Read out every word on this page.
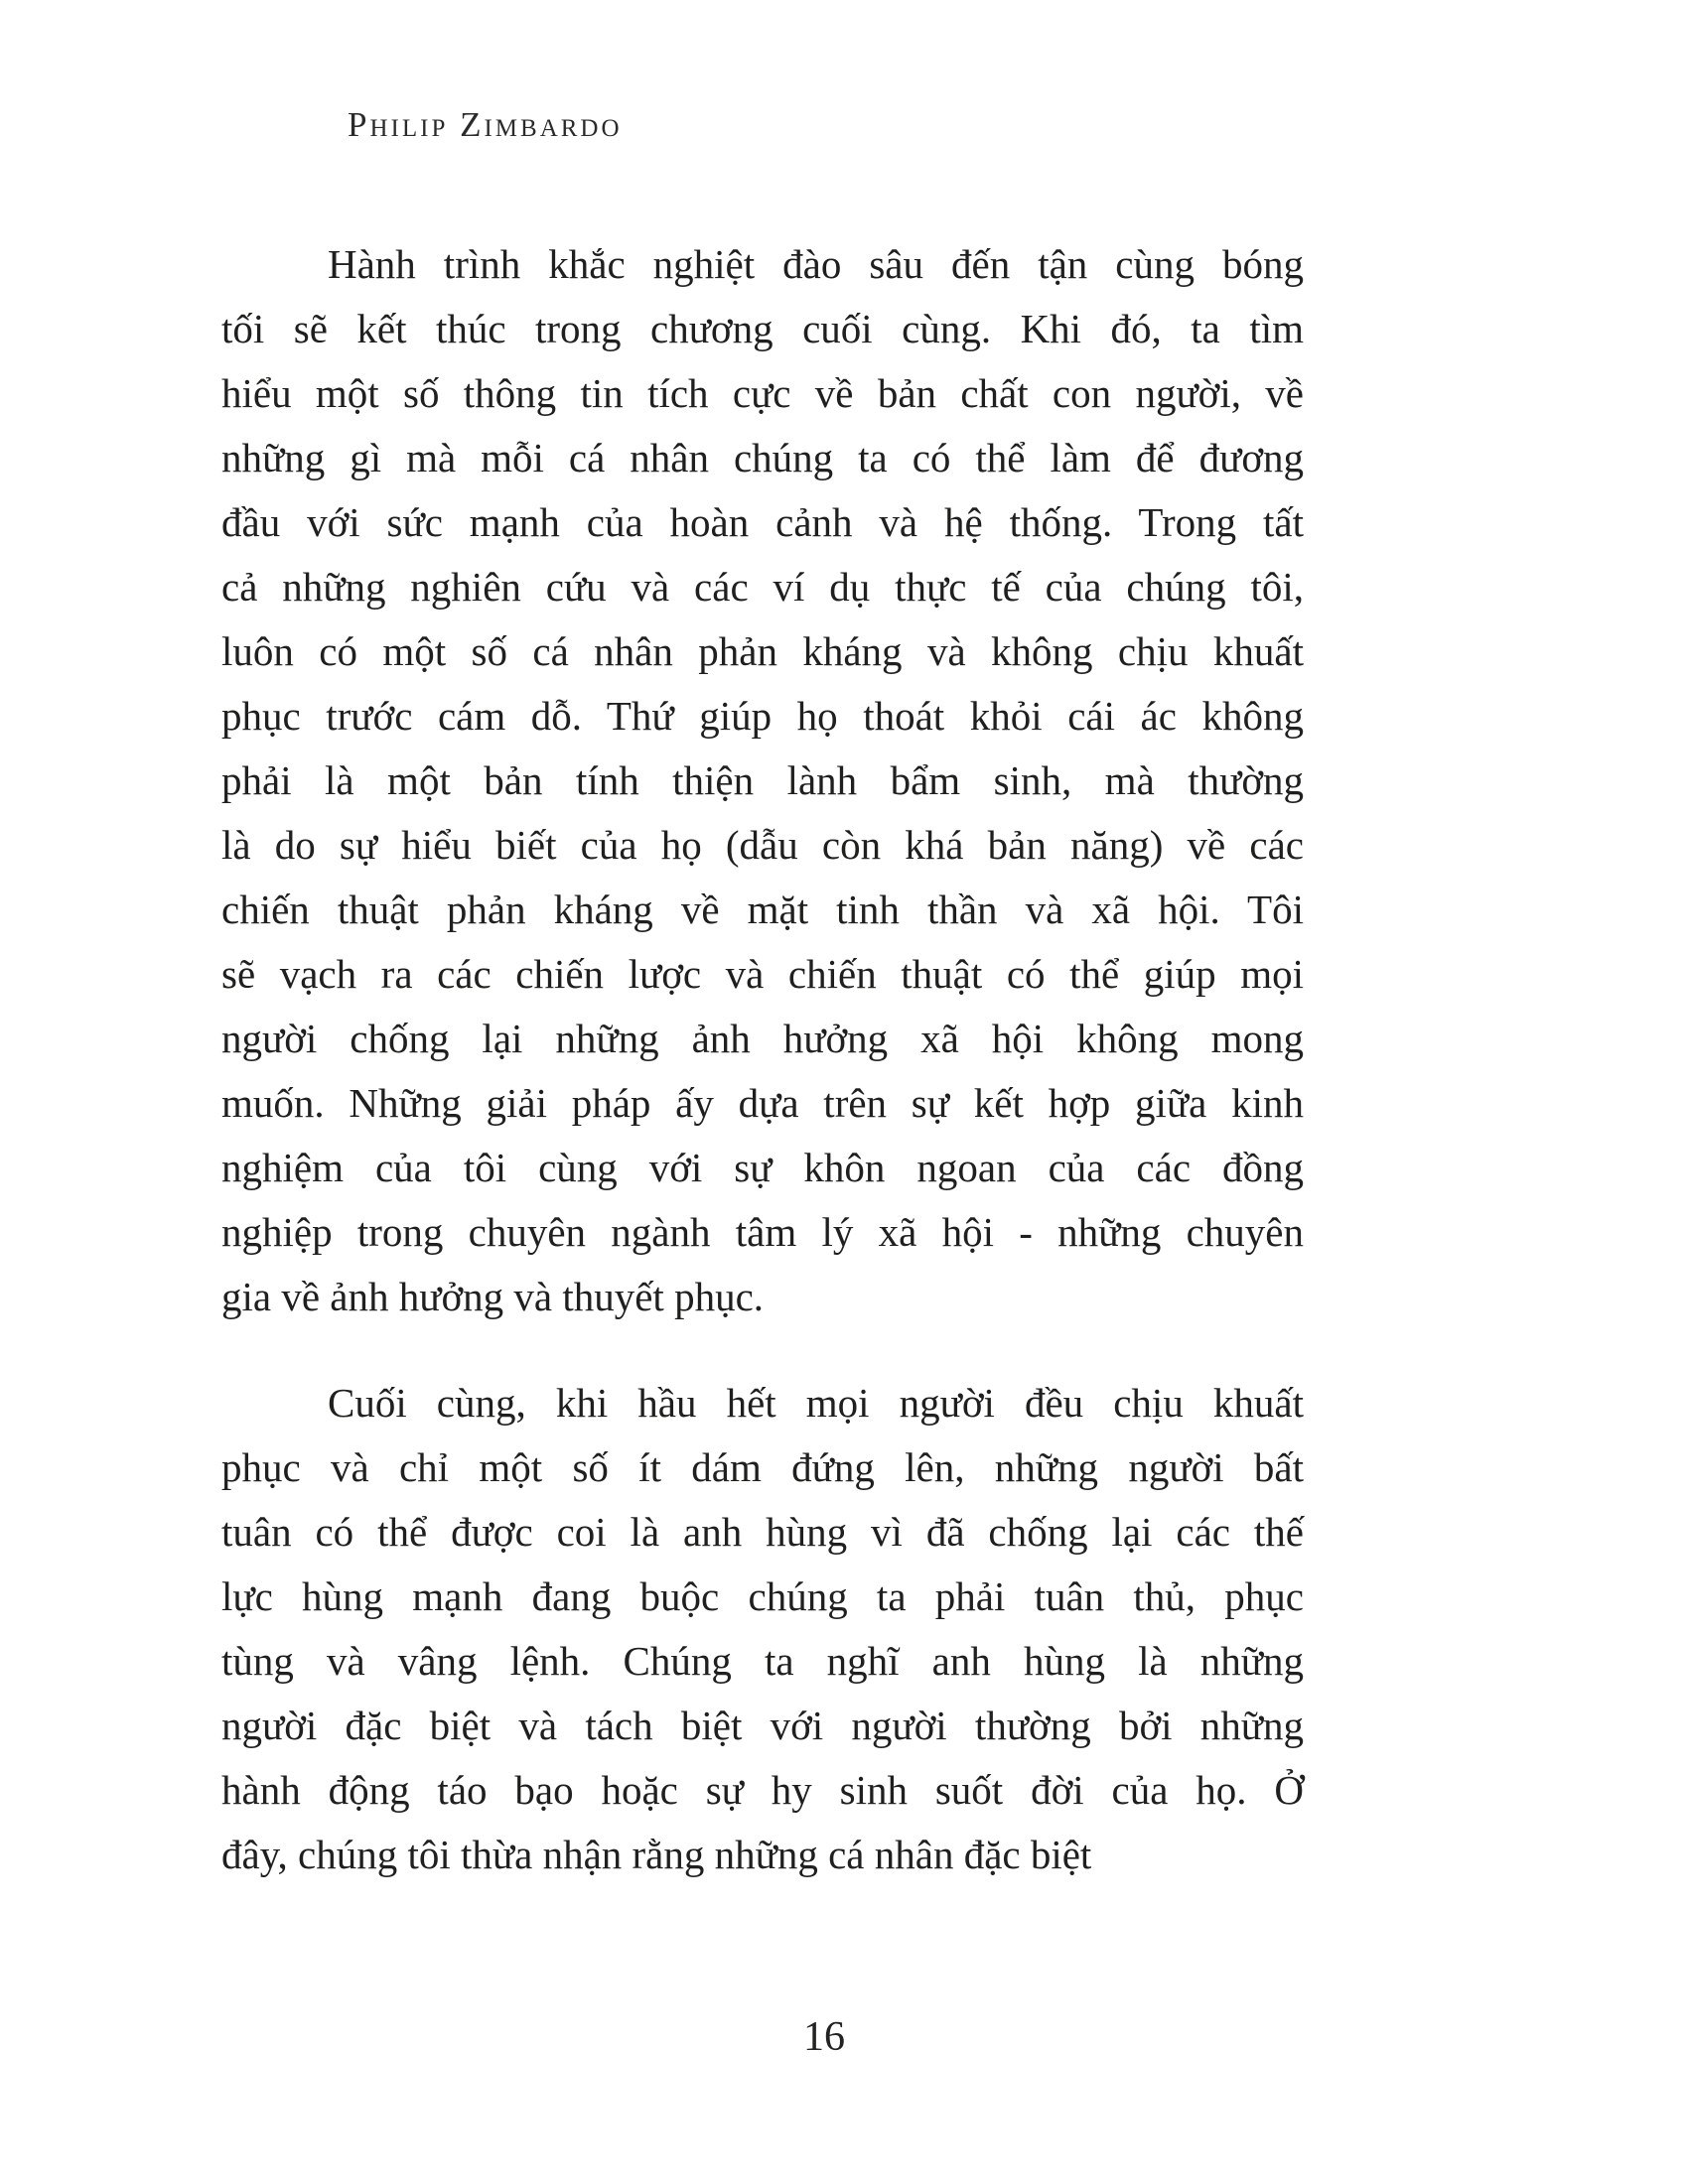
Philip Zimbardo

Hành trình khắc nghiệt đào sâu đến tận cùng bóng
tối sẽ kết thúc trong chương cuối cùng. Khi đó, ta tìm
hiểu một số thông tin tích cực về bản chất con người, về
những gì mà mỗi cá nhân chúng ta có thể làm để đương
đầu với sức mạnh của hoàn cảnh và hệ thống. Trong tất
cả những nghiên cứu và các ví dụ thực tế của chúng tôi,
luôn có một số cá nhân phản kháng và không chịu khuất
phục trước cám dỗ. Thứ giúp họ thoát khỏi cái ác không
phải là một bản tính thiện lành bẩm sinh, mà thường
là do sự hiểu biết của họ (dẫu còn khá bản năng) về các
chiến thuật phản kháng về mặt tinh thần và xã hội. Tôi
sẽ vạch ra các chiến lược và chiến thuật có thể giúp mọi
người chống lại những ảnh hưởng xã hội không mong
muốn. Những giải pháp ấy dựa trên sự kết hợp giữa kinh
nghiệm của tôi cùng với sự khôn ngoan của các đồng
nghiệp trong chuyên ngành tâm lý xã hội - những chuyên
gia về ảnh hưởng và thuyết phục.

Cuối cùng, khi hầu hết mọi người đều chịu khuất
phục và chỉ một số ít dám đứng lên, những người bất
tuân có thể được coi là anh hùng vì đã chống lại các thế
lực hùng mạnh đang buộc chúng ta phải tuân thủ, phục
tùng và vâng lệnh. Chúng ta nghĩ anh hùng là những
người đặc biệt và tách biệt với người thường bởi những
hành động táo bạo hoặc sự hy sinh suốt đời của họ. Ở
đây, chúng tôi thừa nhận rằng những cá nhân đặc biệt

16
